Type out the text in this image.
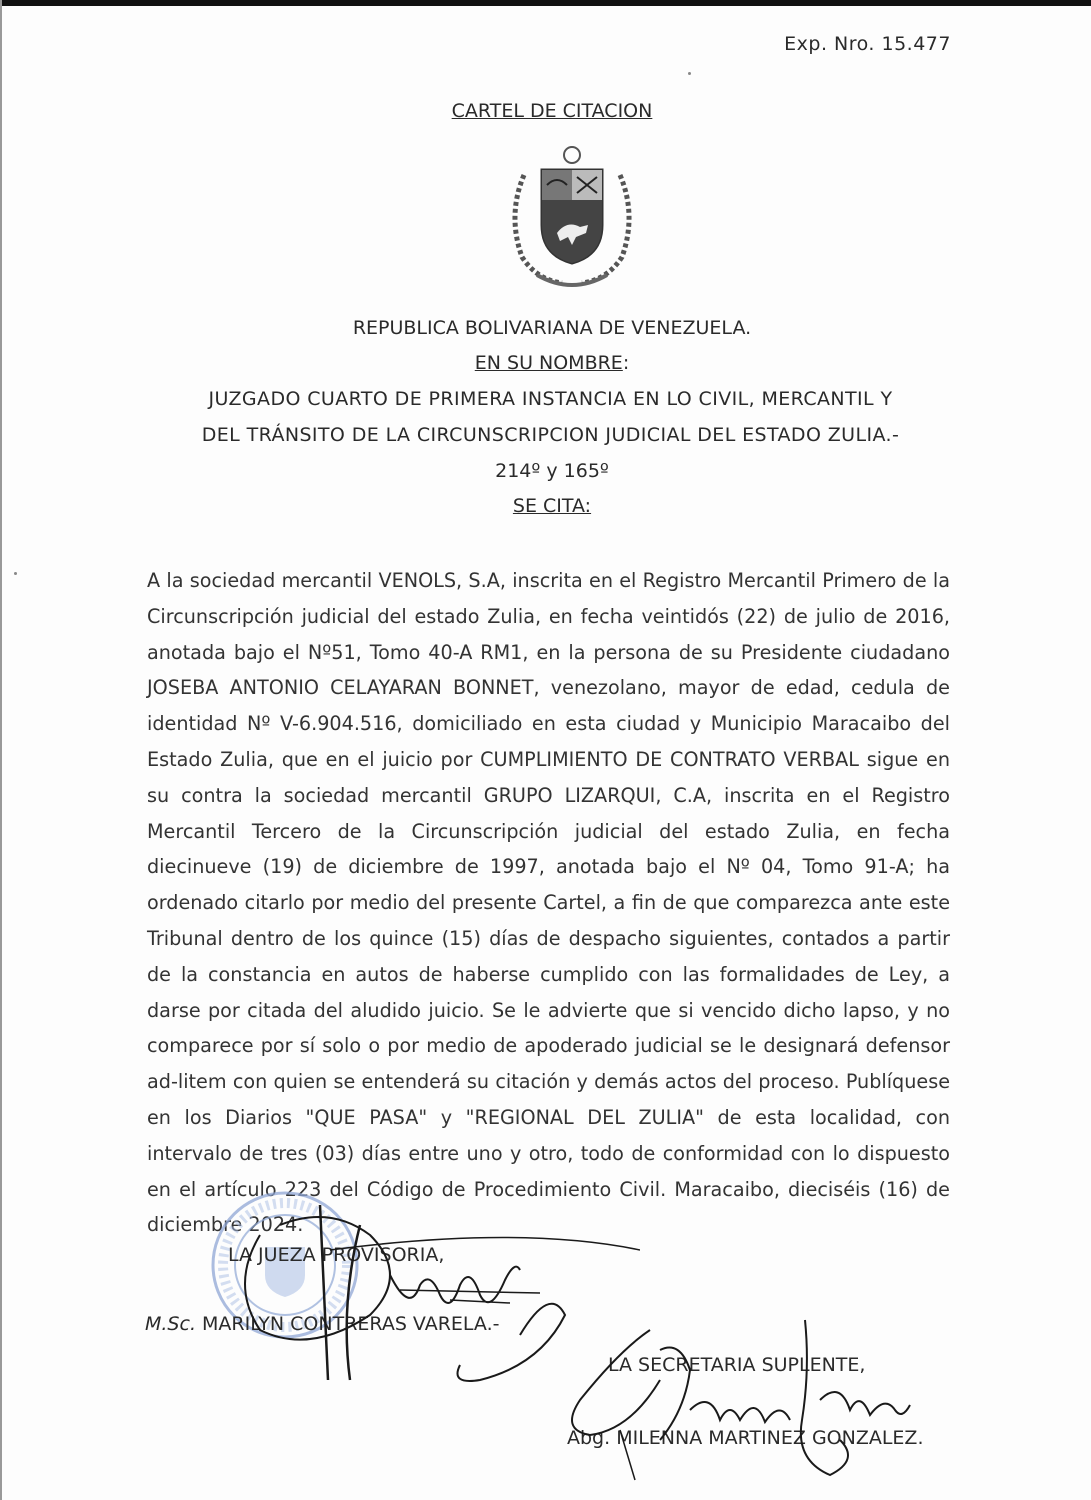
Exp. Nro. 15.477
CARTEL DE CITACION
REPUBLICA BOLIVARIANA DE VENEZUELA.
EN SU NOMBRE:
JUZGADO CUARTO DE PRIMERA INSTANCIA EN LO CIVIL, MERCANTIL Y
DEL TRÁNSITO DE LA CIRCUNSCRIPCION JUDICIAL DEL ESTADO ZULIA.-
214º y 165º
SE CITA:
A la sociedad mercantil VENOLS, S.A, inscrita en el Registro Mercantil Primero de la Circunscripción judicial del estado Zulia, en fecha veintidós (22) de julio de 2016, anotada bajo el Nº51, Tomo 40-A RM1, en la persona de su Presidente ciudadano JOSEBA ANTONIO CELAYARAN BONNET, venezolano, mayor de edad, cedula de identidad Nº V-6.904.516, domiciliado en esta ciudad y Municipio Maracaibo del Estado Zulia, que en el juicio por CUMPLIMIENTO DE CONTRATO VERBAL sigue en su contra la sociedad mercantil GRUPO LIZARQUI, C.A, inscrita en el Registro Mercantil Tercero de la Circunscripción judicial del estado Zulia, en fecha diecinueve (19) de diciembre de 1997, anotada bajo el Nº 04, Tomo 91-A; ha ordenado citarlo por medio del presente Cartel, a fin de que comparezca ante este Tribunal dentro de los quince (15) días de despacho siguientes, contados a partir de la constancia en autos de haberse cumplido con las formalidades de Ley, a darse por citada del aludido juicio. Se le advierte que si vencido dicho lapso, y no comparece por sí solo o por medio de apoderado judicial se le designará defensor ad-litem con quien se entenderá su citación y demás actos del proceso. Publíquese en los Diarios "QUE PASA" y "REGIONAL DEL ZULIA" de esta localidad, con intervalo de tres (03) días entre uno y otro, todo de conformidad con lo dispuesto en el artículo 223 del Código de Procedimiento Civil. Maracaibo, dieciséis (16) de diciembre 2024.
LA JUEZA PROVISORIA,
M.Sc. MARILYN CONTRERAS VARELA.-
LA SECRETARIA SUPLENTE,
Abg. MILENNA MARTINEZ GONZALEZ.
